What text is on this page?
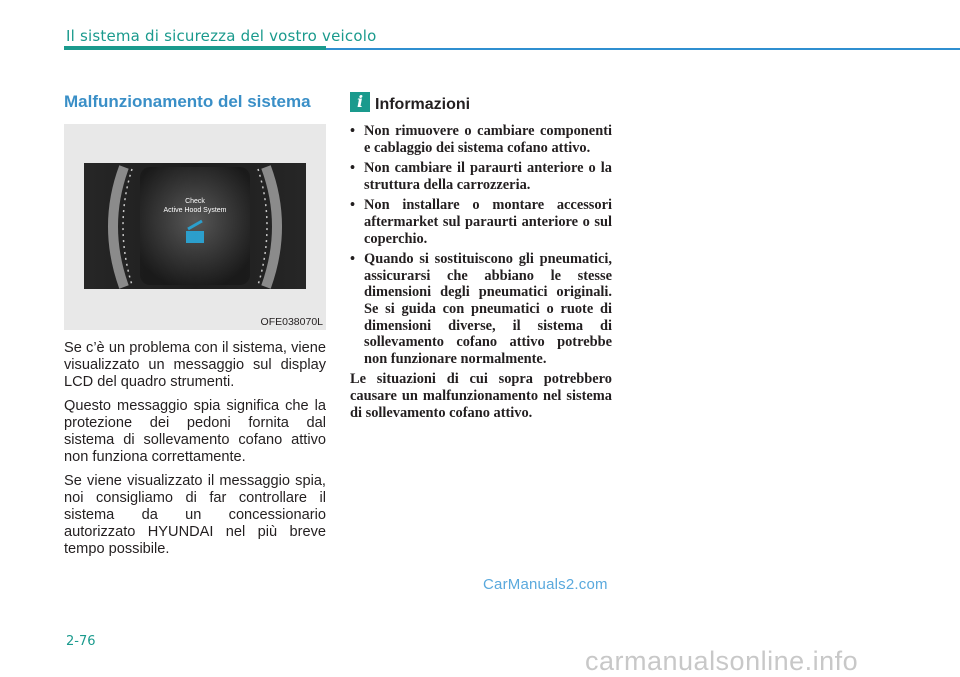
Il sistema di sicurezza del vostro veicolo
Malfunzionamento del sistema
Check
Active Hood System
OFE038070L

Se c’è un problema con il sistema, viene visualizzato un messaggio sul display LCD del quadro strumenti.

Questo messaggio spia significa che la protezione dei pedoni fornita dal sistema di sollevamento cofano attivo non funziona correttamente.

Se viene visualizzato il messaggio spia, noi consigliamo di far controllare il sistema da un concessionario autorizzato HYUNDAI nel più breve tempo possibile.

i Informazioni
• Non rimuovere o cambiare componenti e cablaggio dei sistema cofano attivo.
• Non cambiare il paraurti anteriore o la struttura della carrozzeria.
• Non installare o montare accessori aftermarket sul paraurti anteriore o sul coperchio.
• Quando si sostituiscono gli pneumatici, assicurarsi che abbiano le stesse dimensioni degli pneumatici originali. Se si guida con pneumatici o ruote di dimensioni diverse, il sistema di sollevamento cofano attivo potrebbe non funzionare normalmente.

Le situazioni di cui sopra potrebbero causare un malfunzionamento nel sistema di sollevamento cofano attivo.

CarManuals2.com
2-76
carmanualsonline.info
